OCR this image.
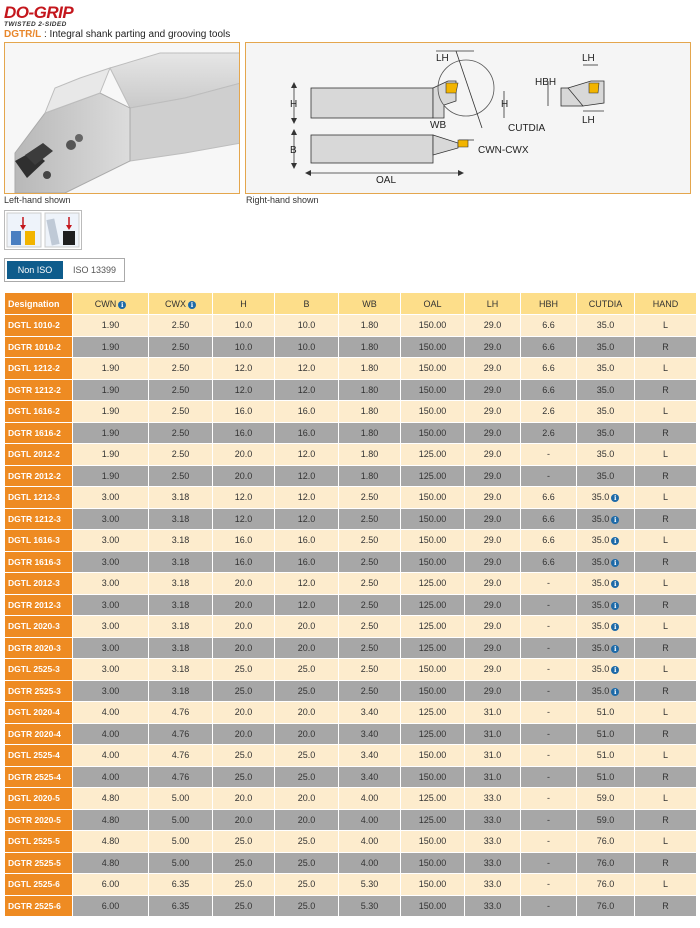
DO-GRIP
TWISTED 2-SIDED
DGTR/L : Integral shank parting and grooving tools
LH
H
B
WB
OAL
CUTDIA
CWN-CWX
H
HBH
LH
LH
Left-hand shown	Right-hand shown
Non ISO	ISO 13399
Designation	CWNi	CWXi	H	B	WB	OAL	LH	HBH	CUTDIA	HAND
DGTL 1010-2	1.90	2.50	10.0	10.0	1.80	150.00	29.0	6.6	35.0	L
DGTR 1010-2	1.90	2.50	10.0	10.0	1.80	150.00	29.0	6.6	35.0	R
DGTL 1212-2	1.90	2.50	12.0	12.0	1.80	150.00	29.0	6.6	35.0	L
DGTR 1212-2	1.90	2.50	12.0	12.0	1.80	150.00	29.0	6.6	35.0	R
DGTL 1616-2	1.90	2.50	16.0	16.0	1.80	150.00	29.0	2.6	35.0	L
DGTR 1616-2	1.90	2.50	16.0	16.0	1.80	150.00	29.0	2.6	35.0	R
DGTL 2012-2	1.90	2.50	20.0	12.0	1.80	125.00	29.0	-	35.0	L
DGTR 2012-2	1.90	2.50	20.0	12.0	1.80	125.00	29.0	-	35.0	R
DGTL 1212-3	3.00	3.18	12.0	12.0	2.50	150.00	29.0	6.6	35.0i	L
DGTR 1212-3	3.00	3.18	12.0	12.0	2.50	150.00	29.0	6.6	35.0i	R
DGTL 1616-3	3.00	3.18	16.0	16.0	2.50	150.00	29.0	6.6	35.0i	L
DGTR 1616-3	3.00	3.18	16.0	16.0	2.50	150.00	29.0	6.6	35.0i	R
DGTL 2012-3	3.00	3.18	20.0	12.0	2.50	125.00	29.0	-	35.0i	L
DGTR 2012-3	3.00	3.18	20.0	12.0	2.50	125.00	29.0	-	35.0i	R
DGTL 2020-3	3.00	3.18	20.0	20.0	2.50	125.00	29.0	-	35.0i	L
DGTR 2020-3	3.00	3.18	20.0	20.0	2.50	125.00	29.0	-	35.0i	R
DGTL 2525-3	3.00	3.18	25.0	25.0	2.50	150.00	29.0	-	35.0i	L
DGTR 2525-3	3.00	3.18	25.0	25.0	2.50	150.00	29.0	-	35.0i	R
DGTL 2020-4	4.00	4.76	20.0	20.0	3.40	125.00	31.0	-	51.0	L
DGTR 2020-4	4.00	4.76	20.0	20.0	3.40	125.00	31.0	-	51.0	R
DGTL 2525-4	4.00	4.76	25.0	25.0	3.40	150.00	31.0	-	51.0	L
DGTR 2525-4	4.00	4.76	25.0	25.0	3.40	150.00	31.0	-	51.0	R
DGTL 2020-5	4.80	5.00	20.0	20.0	4.00	125.00	33.0	-	59.0	L
DGTR 2020-5	4.80	5.00	20.0	20.0	4.00	125.00	33.0	-	59.0	R
DGTL 2525-5	4.80	5.00	25.0	25.0	4.00	150.00	33.0	-	76.0	L
DGTR 2525-5	4.80	5.00	25.0	25.0	4.00	150.00	33.0	-	76.0	R
DGTL 2525-6	6.00	6.35	25.0	25.0	5.30	150.00	33.0	-	76.0	L
DGTR 2525-6	6.00	6.35	25.0	25.0	5.30	150.00	33.0	-	76.0	R
